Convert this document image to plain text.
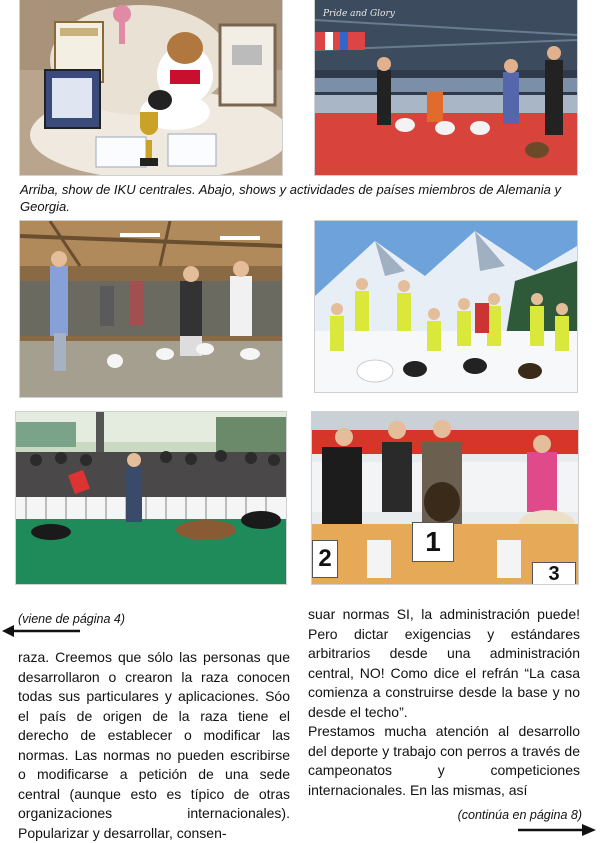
Pride and Glory
Arriba, show de IKU centrales. Abajo, shows y actividades de países miembros de Alemania y Georgia.
1
2
3
(viene de página 4)

raza. Creemos que sólo las personas que desarrollaron o crearon la raza conocen todas sus particulares y aplicaciones. Sóo el país de origen de la raza tiene el derecho de establecer o modificar las normas. Las normas no pueden escribirse o modificarse a petición de una sede central (aunque esto es típico de otras organizaciones internacionales). Popularizar y desarrollar, consen-

suar normas SI, la administración puede! Pero dictar exigencias y estándares arbitrarios desde una administración central, NO! Como dice el refrán “La casa comienza a construirse desde la base y no desde el techo”.

Prestamos mucha atención al desarrollo del deporte y trabajo con perros a través de campeonatos y competiciones internacionales. En las mismas, así

(continúa en página 8)
